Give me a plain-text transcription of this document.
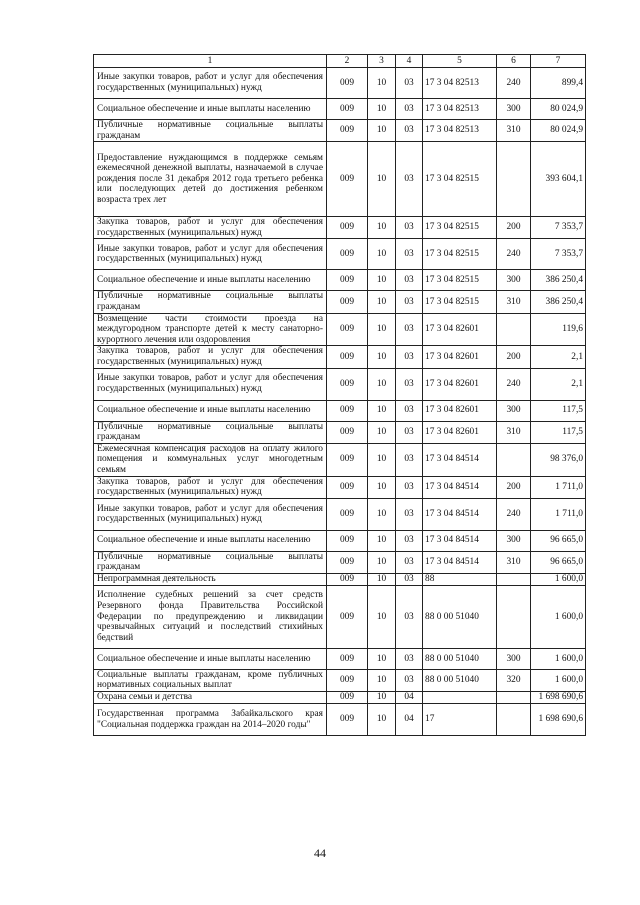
1	2	3	4	5	6	7
Иные закупки товаров, работ и услуг для обеспечения государственных (муниципальных) нужд	009	10	03	17 3 04 82513	240	899,4
Социальное обеспечение и иные выплаты населению	009	10	03	17 3 04 82513	300	80 024,9
Публичные нормативные социальные выплаты гражданам	009	10	03	17 3 04 82513	310	80 024,9
Предоставление нуждающимся в поддержке семьям ежемесячной денежной выплаты, назначаемой в случае рождения после 31 декабря 2012 года третьего ребенка или последующих детей до достижения ребенком возраста трех лет	009	10	03	17 3 04 82515		393 604,1
Закупка товаров, работ и услуг для обеспечения государственных (муниципальных) нужд	009	10	03	17 3 04 82515	200	7 353,7
Иные закупки товаров, работ и услуг для обеспечения государственных (муниципальных) нужд	009	10	03	17 3 04 82515	240	7 353,7
Социальное обеспечение и иные выплаты населению	009	10	03	17 3 04 82515	300	386 250,4
Публичные нормативные социальные выплаты гражданам	009	10	03	17 3 04 82515	310	386 250,4
Возмещение части стоимости проезда на междугородном транспорте детей к месту санаторно-курортного лечения или оздоровления	009	10	03	17 3 04 82601		119,6
Закупка товаров, работ и услуг для обеспечения государственных (муниципальных) нужд	009	10	03	17 3 04 82601	200	2,1
Иные закупки товаров, работ и услуг для обеспечения государственных (муниципальных) нужд	009	10	03	17 3 04 82601	240	2,1
Социальное обеспечение и иные выплаты населению	009	10	03	17 3 04 82601	300	117,5
Публичные нормативные социальные выплаты гражданам	009	10	03	17 3 04 82601	310	117,5
Ежемесячная компенсация расходов на оплату жилого помещения и коммунальных услуг многодетным семьям	009	10	03	17 3 04 84514		98 376,0
Закупка товаров, работ и услуг для обеспечения государственных (муниципальных) нужд	009	10	03	17 3 04 84514	200	1 711,0
Иные закупки товаров, работ и услуг для обеспечения государственных (муниципальных) нужд	009	10	03	17 3 04 84514	240	1 711,0
Социальное обеспечение и иные выплаты населению	009	10	03	17 3 04 84514	300	96 665,0
Публичные нормативные социальные выплаты гражданам	009	10	03	17 3 04 84514	310	96 665,0
Непрограммная деятельность	009	10	03	88		1 600,0
Исполнение судебных решений за счет средств Резервного фонда Правительства Российской Федерации по предупреждению и ликвидации чрезвычайных ситуаций и последствий стихийных бедствий	009	10	03	88 0 00 51040		1 600,0
Социальное обеспечение и иные выплаты населению	009	10	03	88 0 00 51040	300	1 600,0
Социальные выплаты гражданам, кроме публичных нормативных социальных выплат	009	10	03	88 0 00 51040	320	1 600,0
Охрана семьи и детства	009	10	04			1 698 690,6
Государственная программа Забайкальского края "Социальная поддержка граждан на 2014–2020 годы"	009	10	04	17		1 698 690,6
44
